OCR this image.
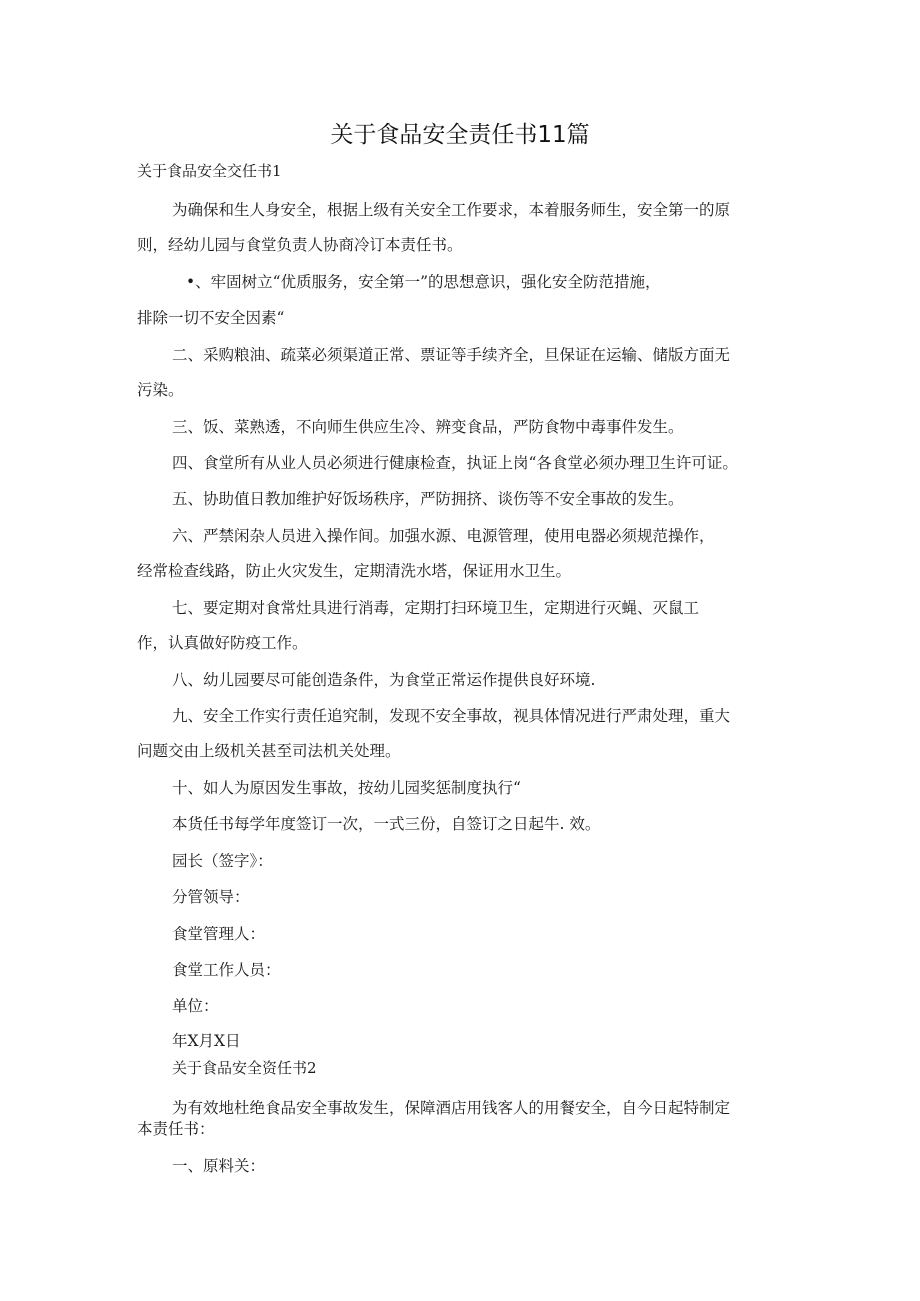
关于食品安全责任书11篇
关于食品安全交任书1
为确保和生人身安全，根据上级有关安全工作要求，本着服务师生，安全第一的原
则，经幼儿园与食堂负责人协商冷订本责任书。
•、牢固树立“优质服务，安全第一”的思想意识，强化安全防范措施，
排除一切不安全因素“
二、采购粮油、疏菜必须渠道正常、票证等手续齐全，旦保证在运输、储版方面无
污染。
三、饭、菜熟透，不向师生供应生冷、辨变食品，严防食物中毒事件发生。
四、食堂所有从业人员必须进行健康检查，执证上岗“各食堂必须办理卫生许可证。
五、协助值日教加维护好饭场秩序，严防拥挤、谈伤等不安全事故的发生。
六、严禁闲杂人员进入操作间。加强水源、电源管理，使用电器必须规范操作，
经常检查线路，防止火灾发生，定期清洗水塔，保证用水卫生。
七、要定期对食常灶具进行消毒，定期打扫环境卫生，定期进行灭蝇、灭鼠工
作，认真做好防疫工作。
八、幼儿园要尽可能创造条件，为食堂正常运作提供良好环境.
九、安全工作实行责任追究制，发现不安全事故，视具体情况进行严肃处理，重大
问题交由上级机关甚至司法机关处理。
十、如人为原因发生事故，按幼儿园奖惩制度执行“
本货任书每学年度签订一次，一式三份，自签订之日起牛. 效。
园长（签字》：
分管领导：
食堂管理人：
食堂工作人员：
单位：
年X月X日
关于食品安全资任书2
为有效地杜绝食品安全事故发生，保障酒店用钱客人的用餐安全，自今日起特制定
本责任书：
一、原料关：
